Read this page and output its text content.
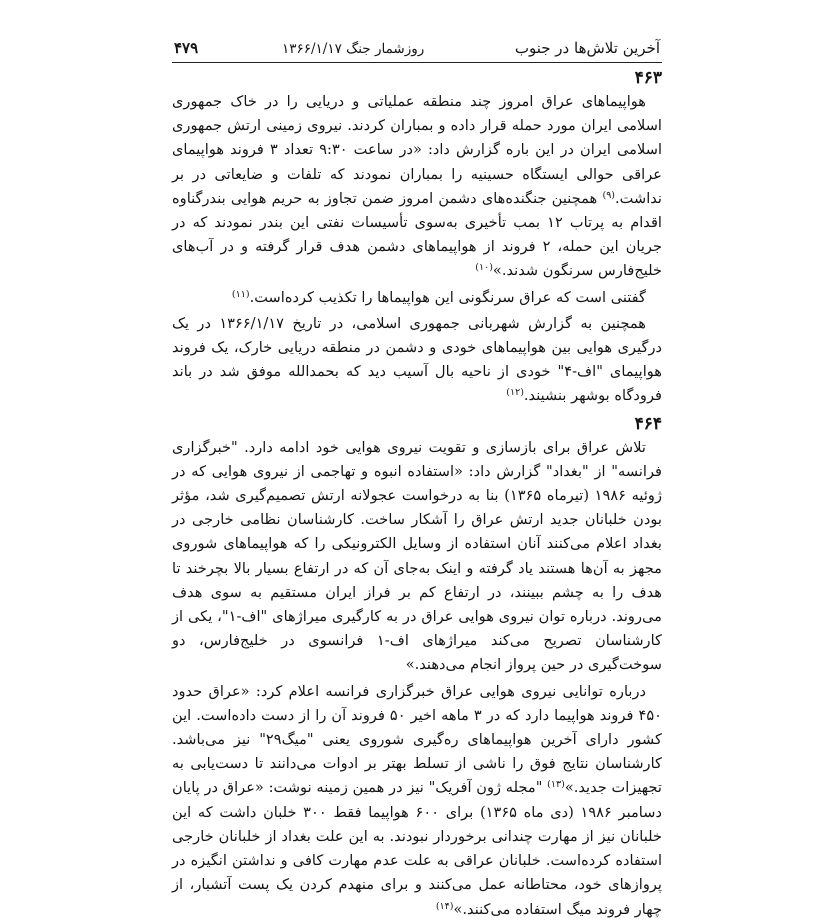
۴۷۹	روزشمار جنگ ۱۳۶۶/۱/۱۷	آخرین تلاش‌ها در جنوب
۴۶۳

هواپیماهای عراق امروز چند منطقه عملیاتی و دریایی را در خاک جمهوری اسلامی ایران مورد حمله قرار داده و بمباران کردند. نیروی زمینی ارتش جمهوری اسلامی ایران در این باره گزارش داد: «در ساعت ۹:۳۰ تعداد ۳ فروند هواپیمای عراقی حوالی ایستگاه حسینیه را بمباران نمودند که تلفات و ضایعاتی در بر نداشت.$^{(۹)}$ همچنین جنگنده‌های دشمن امروز ضمن تجاوز به حریم هوایی بندرگناوه اقدام به پرتاب ۱۲ بمب تأخیری به‌سوی تأسیسات نفتی این بندر نمودند که در جریان این حمله، ۲ فروند از هواپیماهای دشمن هدف قرار گرفته و در آب‌های خلیج‌فارس سرنگون شدند.»$^{(۱۰)}$

گفتنی است که عراق سرنگونی این هواپیماها را تکذیب کرده‌است.$^{(۱۱)}$

همچنین به گزارش شهربانی جمهوری اسلامی، در تاریخ ۱۳۶۶/۱/۱۷ در یک درگیری هوایی بین هواپیماهای خودی و دشمن در منطقه دریایی خارک، یک فروند هواپیمای "اف-۴" خودی از ناحیه بال آسیب دید که بحمدالله موفق شد در باند فرودگاه بوشهر بنشیند.$^{(۱۲)}$

۴۶۴

تلاش عراق برای بازسازی و تقویت نیروی هوایی خود ادامه دارد. "خبرگزاری فرانسه" از "بغداد" گزارش داد: «استفاده انبوه و تهاجمی از نیروی هوایی که در ژوئیه ۱۹۸۶ (تیرماه ۱۳۶۵) بنا به درخواست عجولانه ارتش تصمیم‌گیری شد، مؤثر بودن خلبانان جدید ارتش عراق را آشکار ساخت. کارشناسان نظامی خارجی در بغداد اعلام می‌کنند آنان استفاده از وسایل الکترونیکی را که هواپیماهای شوروی مجهز به آن‌ها هستند یاد گرفته و اینک به‌جای آن که در ارتفاع بسیار بالا بچرخند تا هدف را به چشم ببینند، در ارتفاع کم بر فراز ایران مستقیم به سوی هدف می‌روند. درباره توان نیروی هوایی عراق در به کارگیری میراژهای "اف-۱"، یکی از کارشناسان تصریح می‌کند میراژهای اف-۱ فرانسوی در خلیج‌فارس، دو سوخت‌گیری در حین پرواز انجام می‌دهند.»

درباره توانایی نیروی هوایی عراق خبرگزاری فرانسه اعلام کرد: «عراق حدود ۴۵۰ فروند هواپیما دارد که در ۳ ماهه اخیر ۵۰ فروند آن را از دست داده‌است. این کشور دارای آخرین هواپیماهای ره‌گیری شوروی یعنی "میگ۲۹" نیز می‌باشد. کارشناسان نتایج فوق را ناشی از تسلط بهتر بر ادوات می‌دانند تا دست‌یابی به تجهیزات جدید.»$^{(۱۳)}$ "مجله ژون آفریک" نیز در همین زمینه نوشت: «عراق در پایان دسامبر ۱۹۸۶ (دی ماه ۱۳۶۵) برای ۶۰۰ هواپیما فقط ۳۰۰ خلبان داشت که این خلبانان نیز از مهارت چندانی برخوردار نبودند. به این علت بغداد از خلبانان خارجی استفاده کرده‌است. خلبانان عراقی به علت عدم مهارت کافی و نداشتن انگیزه در پروازهای خود، محتاطانه عمل می‌کنند و برای منهدم کردن یک پست آتشبار، از چهار فروند میگ استفاده می‌کنند.»$^{(۱۴)}$
